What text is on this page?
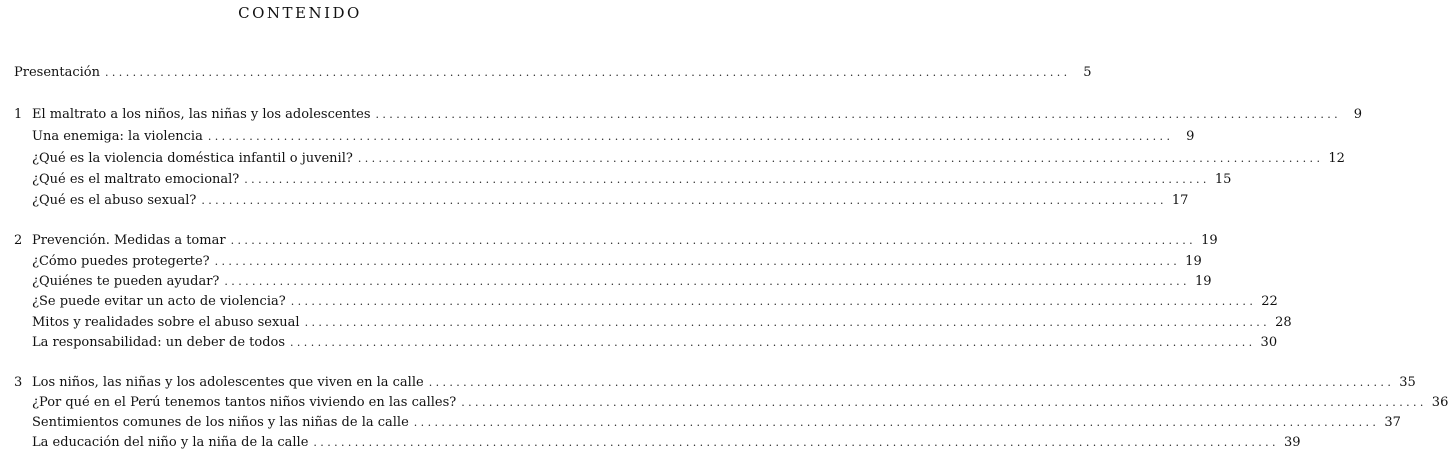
CONTENIDO
Presentación ............................................................................................................................................ 5
1 El maltrato a los niños, las niñas y los adolescentes ............................................................................................................................................ 9
Una enemiga: la violencia ............................................................................................................................................ 9
¿Qué es la violencia doméstica infantil o juvenil? ............................................................................................................................................ 12
¿Qué es el maltrato emocional? ............................................................................................................................................ 15
¿Qué es el abuso sexual? ............................................................................................................................................ 17
2 Prevención. Medidas a tomar ............................................................................................................................................ 19
¿Cómo puedes protegerte? ............................................................................................................................................ 19
¿Quiénes te pueden ayudar? ............................................................................................................................................ 19
¿Se puede evitar un acto de violencia? ............................................................................................................................................ 22
Mitos y realidades sobre el abuso sexual ............................................................................................................................................ 28
La responsabilidad: un deber de todos ............................................................................................................................................ 30
3 Los niños, las niñas y los adolescentes que viven en la calle ............................................................................................................................................ 35
¿Por qué en el Perú tenemos tantos niños viviendo en las calles? ............................................................................................................................................ 36
Sentimientos comunes de los niños y las niñas de la calle ............................................................................................................................................ 37
La educación del niño y la niña de la calle ............................................................................................................................................ 39
